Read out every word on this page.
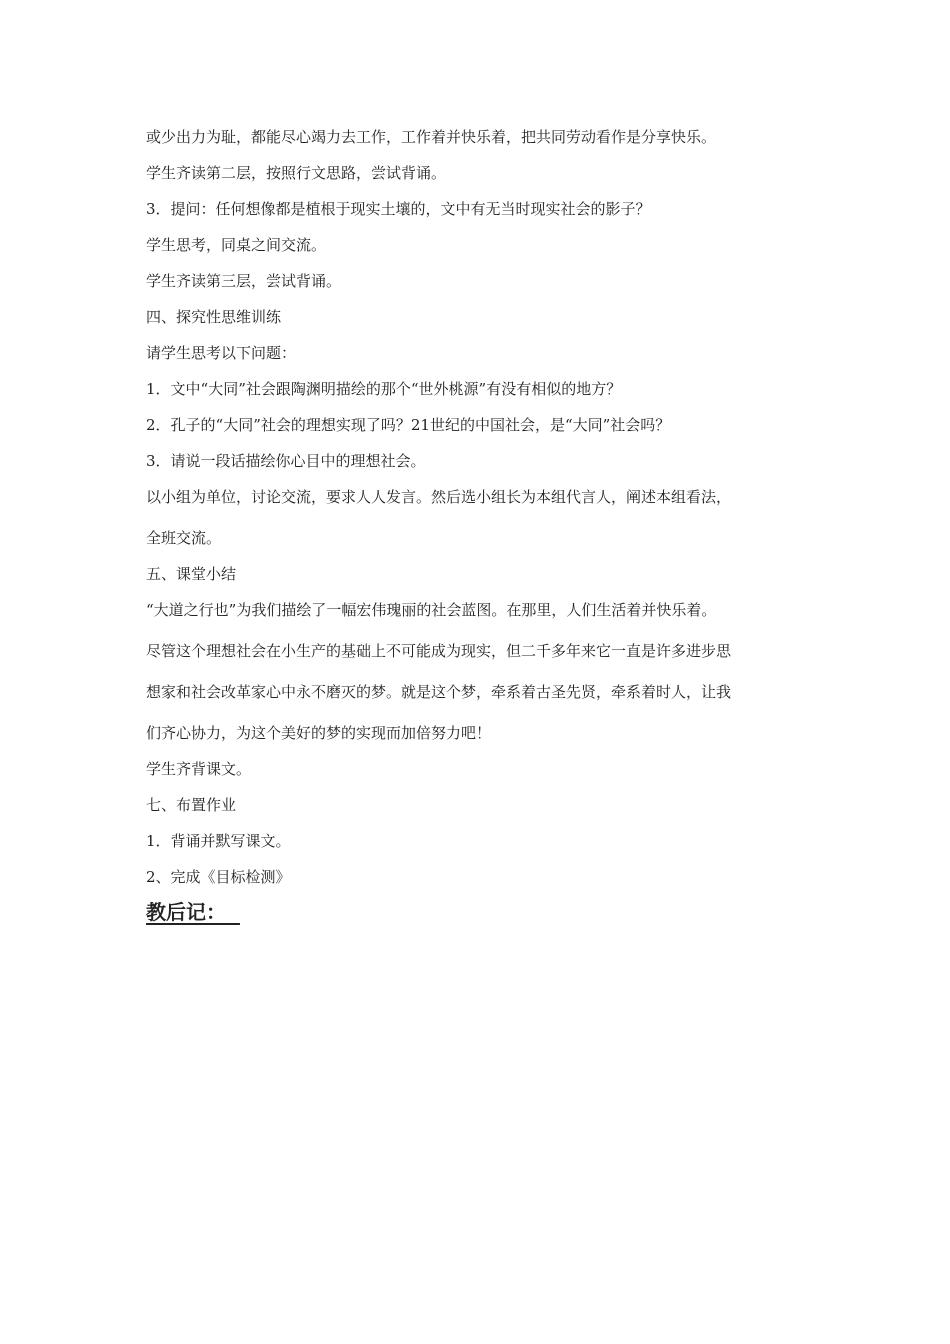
或少出力为耻，都能尽心竭力去工作，工作着并快乐着，把共同劳动看作是分享快乐。

学生齐读第二层，按照行文思路，尝试背诵。

3．提问：任何想像都是植根于现实土壤的，文中有无当时现实社会的影子？

学生思考，同桌之间交流。

学生齐读第三层，尝试背诵。

四、探究性思维训练

请学生思考以下问题：

1．文中“大同”社会跟陶渊明描绘的那个“世外桃源”有没有相似的地方？

2．孔子的“大同”社会的理想实现了吗？21世纪的中国社会，是“大同”社会吗？

3．请说一段话描绘你心目中的理想社会。

以小组为单位，讨论交流，要求人人发言。然后选小组长为本组代言人，阐述本组看法，

全班交流。

五、课堂小结

“大道之行也”为我们描绘了一幅宏伟瑰丽的社会蓝图。在那里，人们生活着并快乐着。

尽管这个理想社会在小生产的基础上不可能成为现实，但二千多年来它一直是许多进步思

想家和社会改革家心中永不磨灭的梦。就是这个梦，牵系着古圣先贤，牵系着时人，让我

们齐心协力，为这个美好的梦的实现而加倍努力吧！

学生齐背课文。

七、布置作业

1．背诵并默写课文。

2、完成《目标检测》

教后记：
